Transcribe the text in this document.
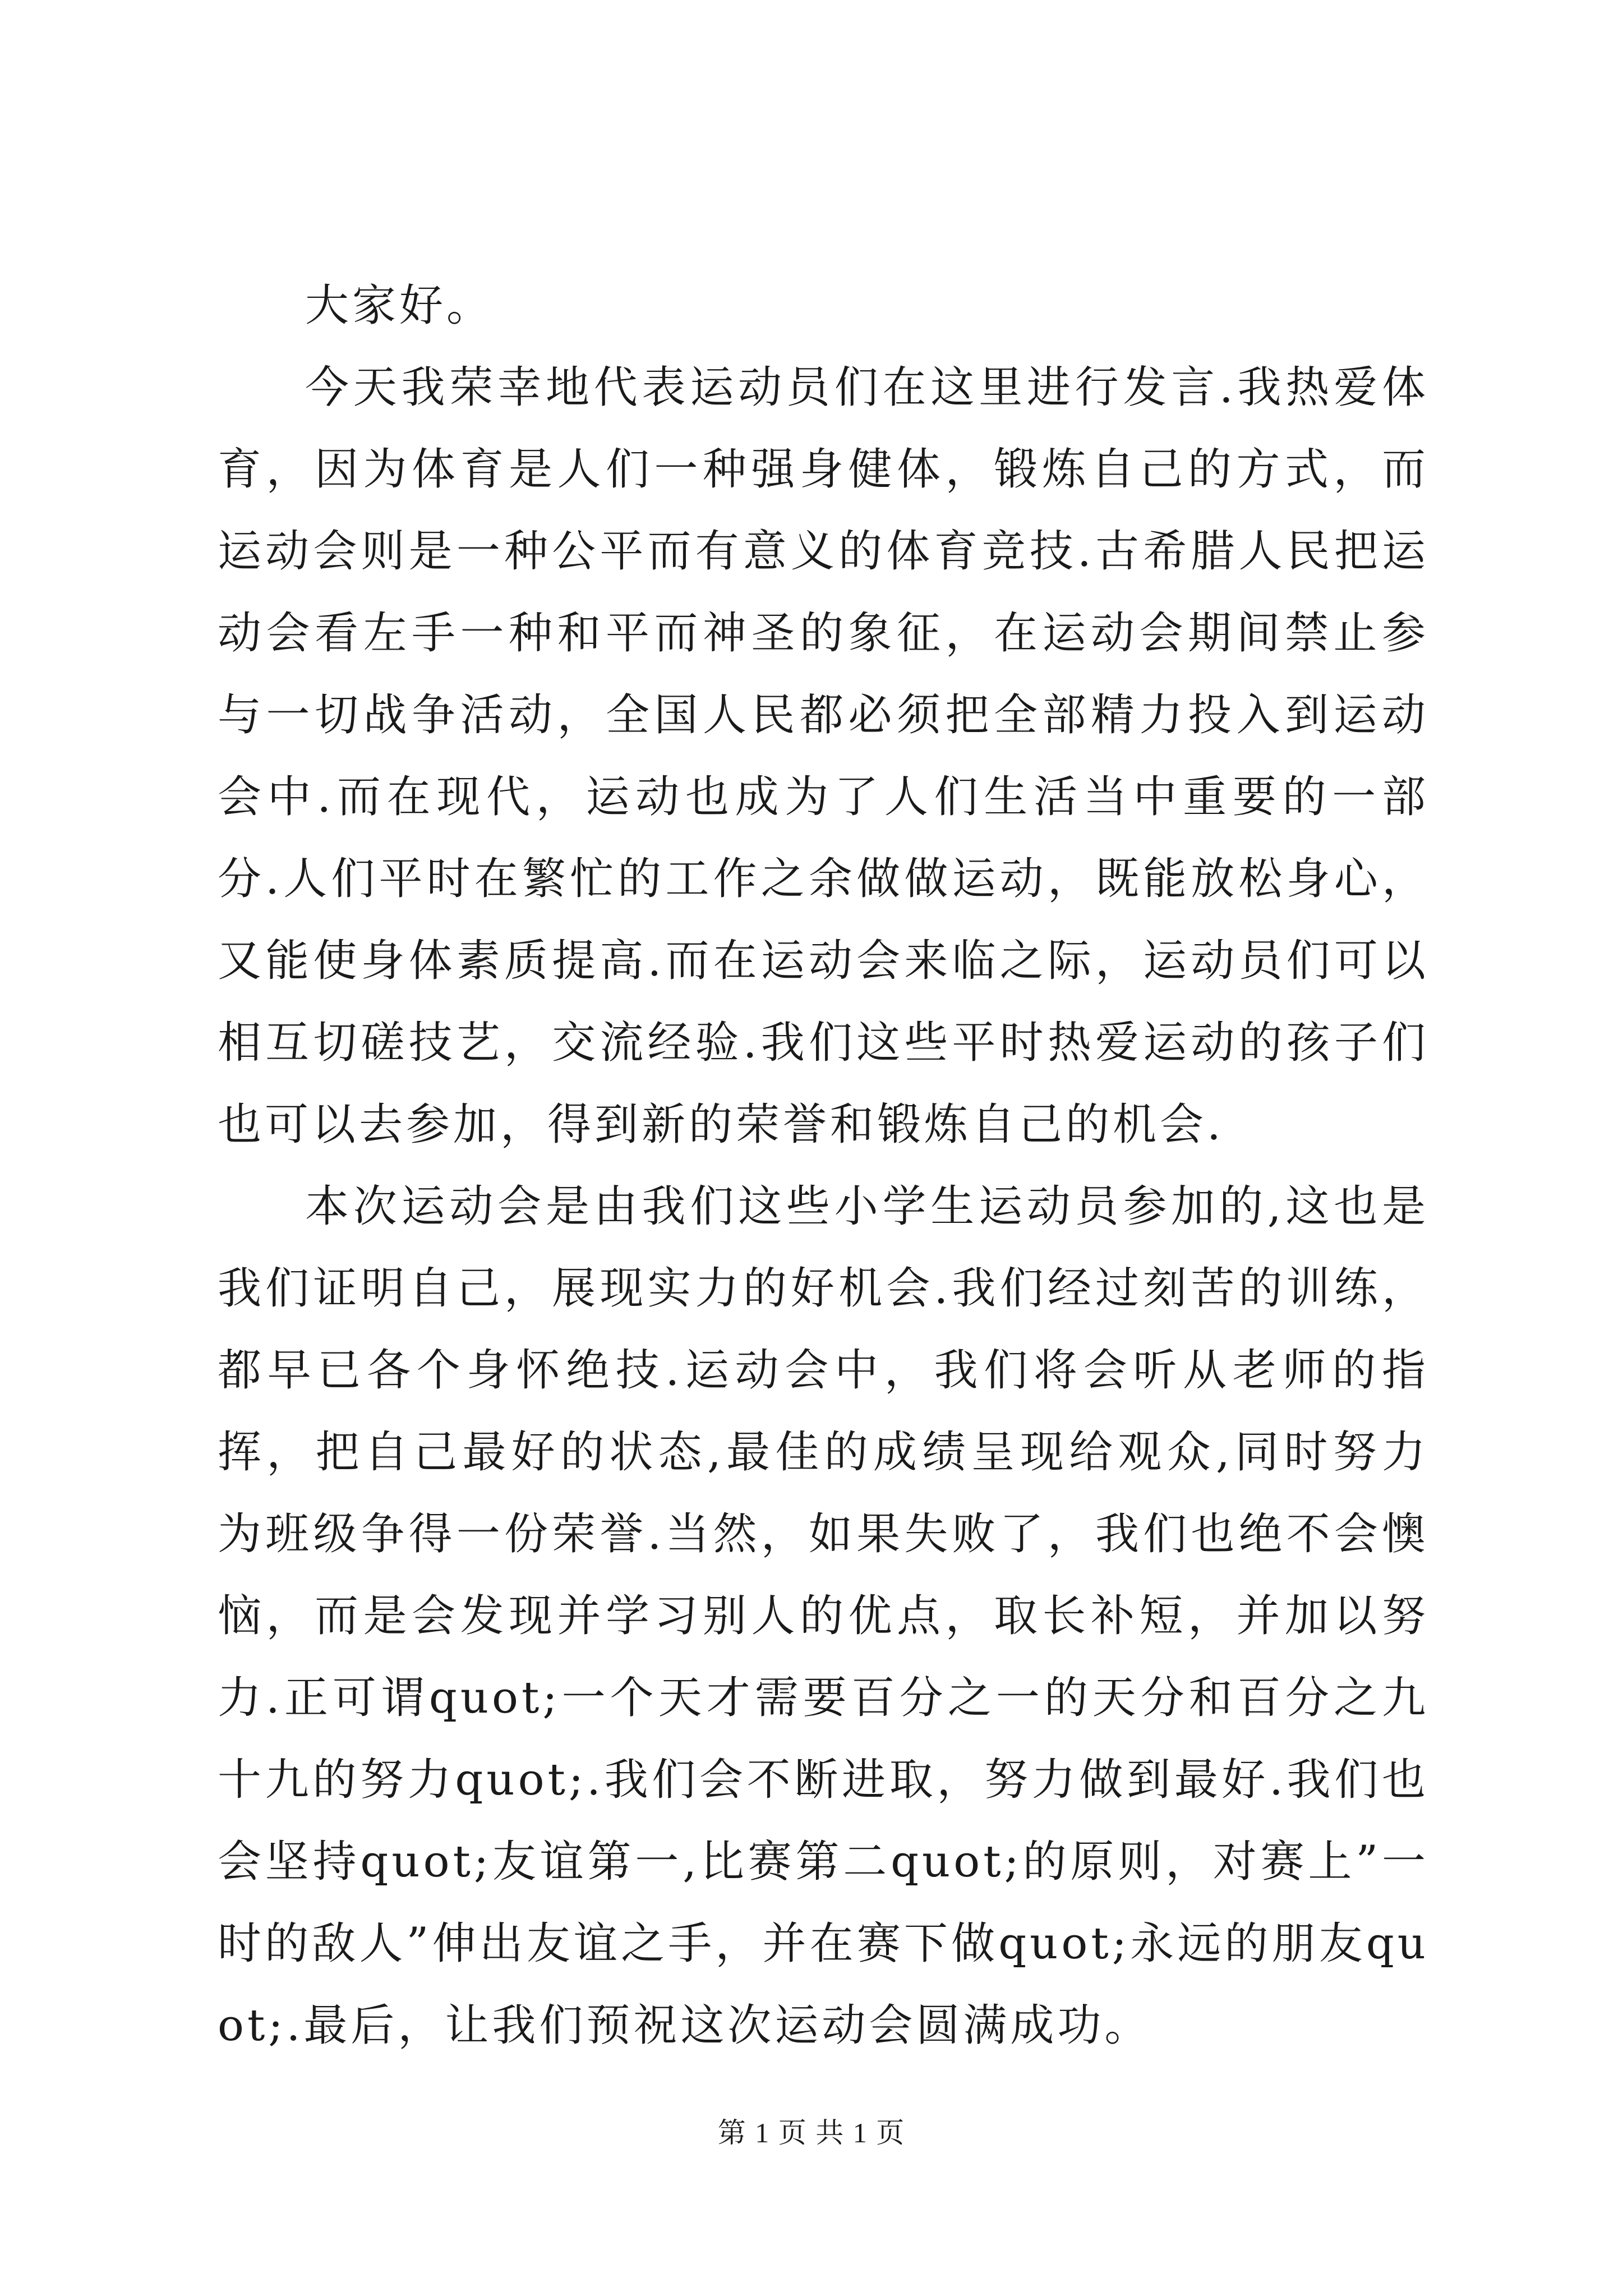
大家好。

今天我荣幸地代表运动员们在这里进行发言.我热爱体育，因为体育是人们一种强身健体，锻炼自己的方式，而运动会则是一种公平而有意义的体育竞技.古希腊人民把运动会看左手一种和平而神圣的象征，在运动会期间禁止参与一切战争活动，全国人民都必须把全部精力投入到运动会中.而在现代，运动也成为了人们生活当中重要的一部分.人们平时在繁忙的工作之余做做运动，既能放松身心，又能使身体素质提高.而在运动会来临之际，运动员们可以相互切磋技艺，交流经验.我们这些平时热爱运动的孩子们也可以去参加，得到新的荣誉和锻炼自己的机会.

本次运动会是由我们这些小学生运动员参加的,这也是我们证明自己，展现实力的好机会.我们经过刻苦的训练，都早已各个身怀绝技.运动会中，我们将会听从老师的指挥，把自己最好的状态,最佳的成绩呈现给观众,同时努力为班级争得一份荣誉.当然，如果失败了，我们也绝不会懊恼，而是会发现并学习别人的优点，取长补短，并加以努力.正可谓quot;一个天才需要百分之一的天分和百分之九十九的努力quot;.我们会不断进取，努力做到最好.我们也会坚持quot;友谊第一,比赛第二quot;的原则，对赛上”一时的敌人”伸出友谊之手，并在赛下做quot;永远的朋友quot;.最后，让我们预祝这次运动会圆满成功。

第 1 页 共 1 页
